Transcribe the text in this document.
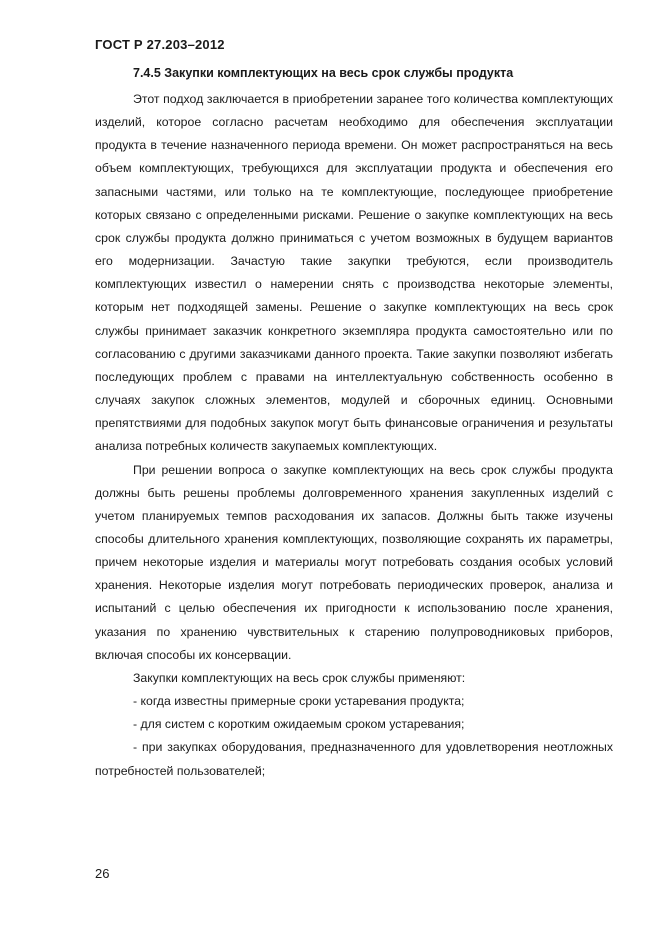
ГОСТ Р 27.203–2012
7.4.5 Закупки комплектующих на весь срок службы продукта

Этот подход заключается в приобретении заранее того количества комплектующих изделий, которое согласно расчетам необходимо для обеспечения эксплуатации продукта в течение назначенного периода времени. Он может распространяться на весь объем комплектующих, требующихся для эксплуатации продукта и обеспечения его запасными частями, или только на те комплектующие, последующее приобретение которых связано с определенными рисками. Решение о закупке комплектующих на весь срок службы продукта должно приниматься с учетом возможных в будущем вариантов его модернизации. Зачастую такие закупки требуются, если производитель комплектующих известил о намерении снять с производства некоторые элементы, которым нет подходящей замены. Решение о закупке комплектующих на весь срок службы принимает заказчик конкретного экземпляра продукта самостоятельно или по согласованию с другими заказчиками данного проекта. Такие закупки позволяют избегать последующих проблем с правами на интеллектуальную собственность особенно в случаях закупок сложных элементов, модулей и сборочных единиц. Основными препятствиями для подобных закупок могут быть финансовые ограничения и результаты анализа потребных количеств закупаемых комплектующих.

При решении вопроса о закупке комплектующих на весь срок службы продукта должны быть решены проблемы долговременного хранения закупленных изделий с учетом планируемых темпов расходования их запасов. Должны быть также изучены способы длительного хранения комплектующих, позволяющие сохранять их параметры, причем некоторые изделия и материалы могут потребовать создания особых условий хранения. Некоторые изделия могут потребовать периодических проверок, анализа и испытаний с целью обеспечения их пригодности к использованию после хранения, указания по хранению чувствительных к старению полупроводниковых приборов, включая способы их консервации.

Закупки комплектующих на весь срок службы применяют:

- когда известны примерные сроки устаревания продукта;

- для систем с коротким ожидаемым сроком устаревания;

- при закупках оборудования, предназначенного для удовлетворения неотложных потребностей пользователей;

26
